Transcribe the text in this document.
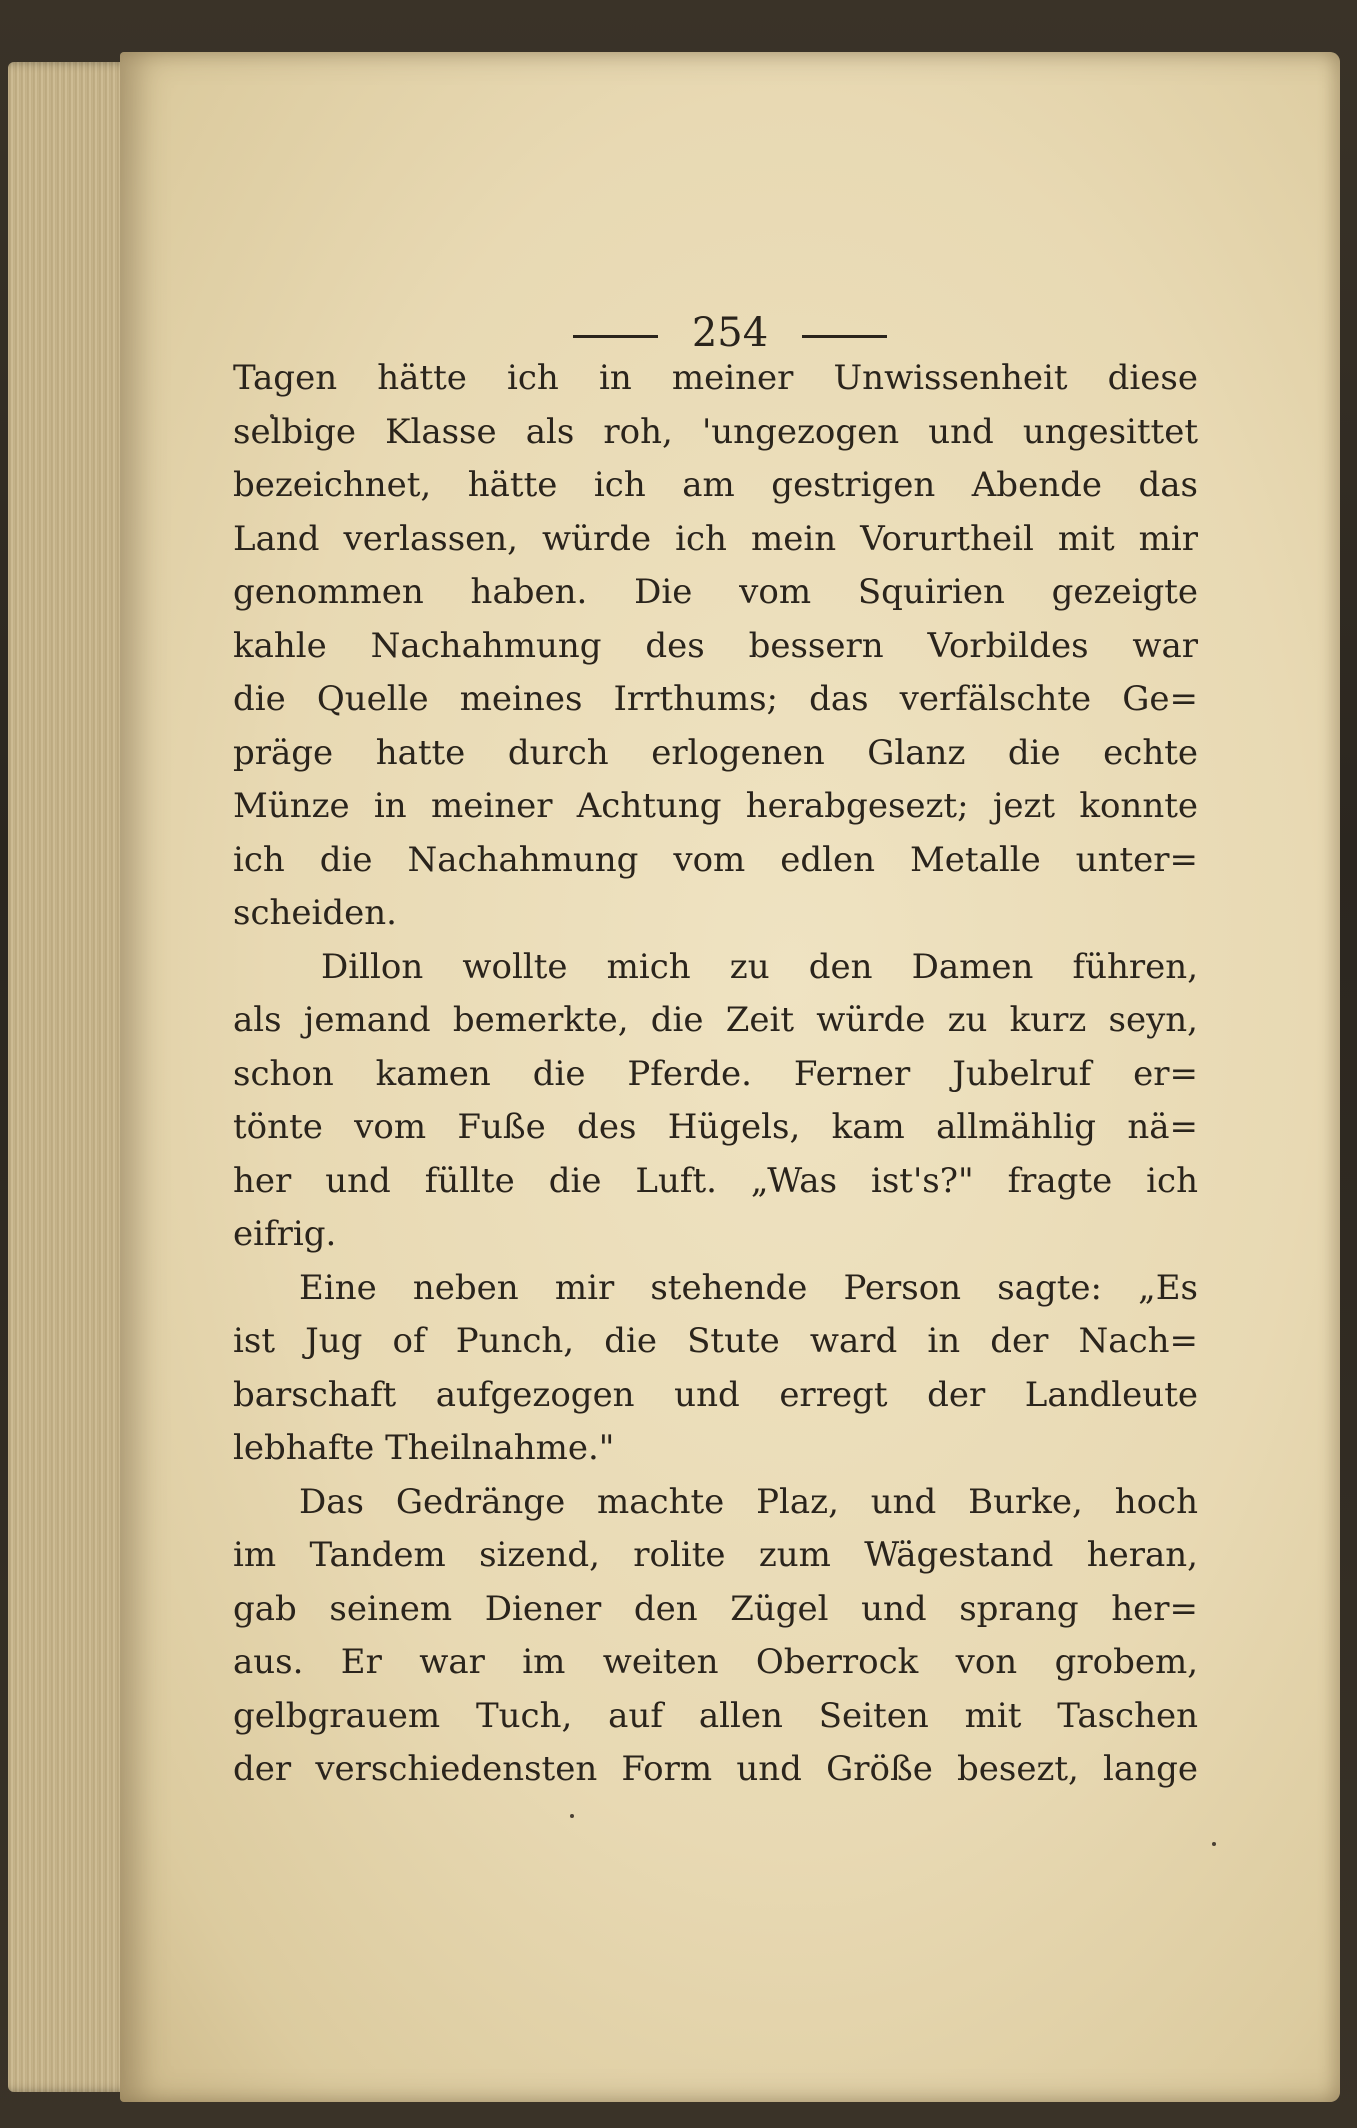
254
Tagen hätte ich in meiner Unwissenheit diese
selbige Klasse als roh, 'ungezogen und ungesittet
bezeichnet, hätte ich am gestrigen Abende das
Land verlassen, würde ich mein Vorurtheil mit mir
genommen haben. Die vom Squirien gezeigte
kahle Nachahmung des bessern Vorbildes war
die Quelle meines Irrthums; das verfälschte Ge=
präge hatte durch erlogenen Glanz die echte
Münze in meiner Achtung herabgesezt; jezt konnte
ich die Nachahmung vom edlen Metalle unter=
scheiden.
Dillon wollte mich zu den Damen führen,
als jemand bemerkte, die Zeit würde zu kurz seyn,
schon kamen die Pferde. Ferner Jubelruf er=
tönte vom Fuße des Hügels, kam allmählig nä=
her und füllte die Luft. „Was ist's?" fragte ich
eifrig.
Eine neben mir stehende Person sagte: „Es
ist Jug of Punch, die Stute ward in der Nach=
barschaft aufgezogen und erregt der Landleute
lebhafte Theilnahme."
Das Gedränge machte Plaz, und Burke, hoch
im Tandem sizend, rolite zum Wägestand heran,
gab seinem Diener den Zügel und sprang her=
aus. Er war im weiten Oberrock von grobem,
gelbgrauem Tuch, auf allen Seiten mit Taschen
der verschiedensten Form und Größe besezt, lange
